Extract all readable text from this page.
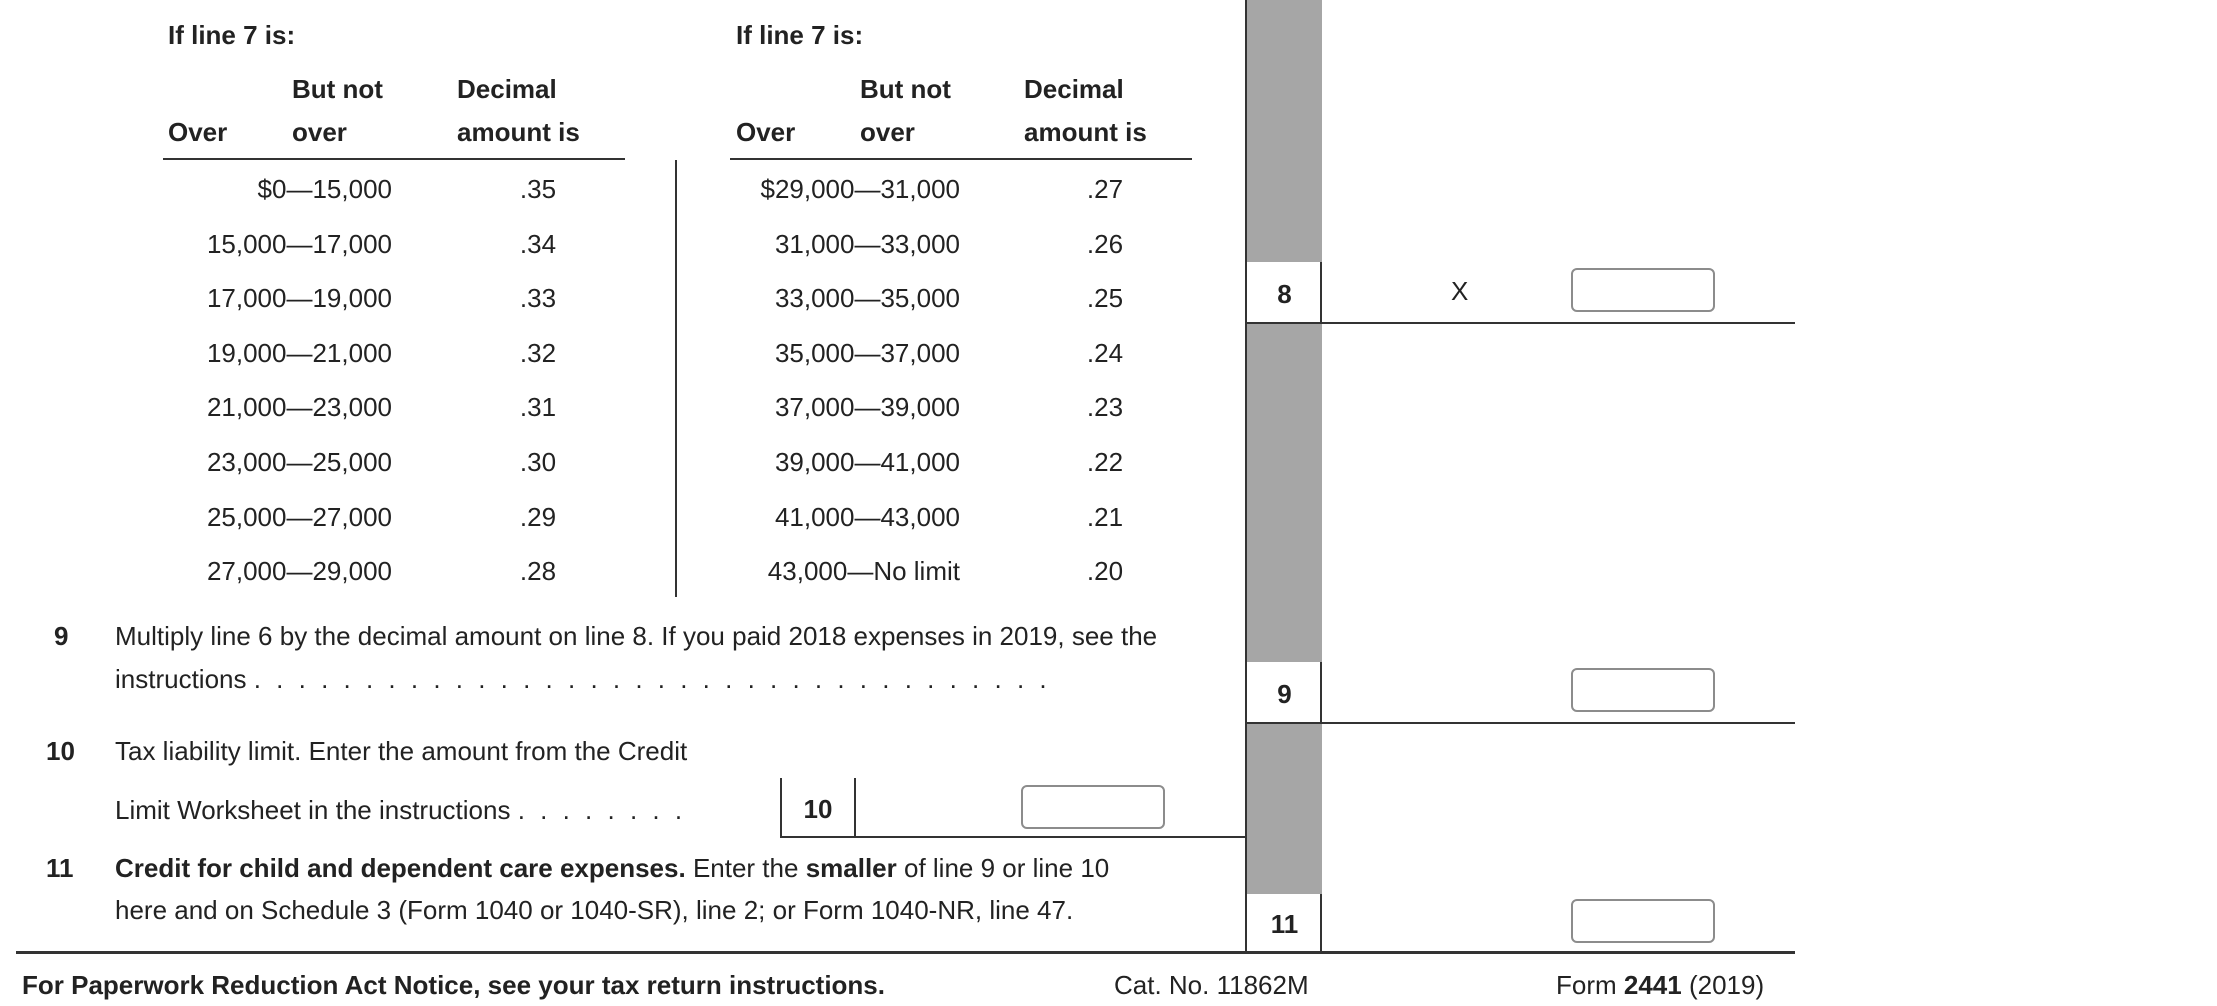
If line 7 is:
But not
Over over
Decimal
amount is
$0—15,000	.35
15,000—17,000	.34
17,000—19,000	.33
19,000—21,000	.32
21,000—23,000	.31
23,000—25,000	.30
25,000—27,000	.29
27,000—29,000	.28
If line 7 is:
But not
Over over
Decimal
amount is
$29,000—31,000	.27
31,000—33,000	.26
33,000—35,000	.25
35,000—37,000	.24
37,000—39,000	.23
39,000—41,000	.22
41,000—43,000	.21
43,000—No limit	.20
8	X
9 Multiply line 6 by the decimal amount on line 8. If you paid 2018 expenses in 2019, see the
instructions . . . . . . . . . . . . . . . . . . . . . . . . . . . . . . . . . . . .	9
10 Tax liability limit. Enter the amount from the Credit
Limit Worksheet in the instructions . . . . . . . .	10
11 Credit for child and dependent care expenses. Enter the smaller of line 9 or line 10
here and on Schedule 3 (Form 1040 or 1040-SR), line 2; or Form 1040-NR, line 47.	11
For Paperwork Reduction Act Notice, see your tax return instructions.	Cat. No. 11862M	Form 2441 (2019)
